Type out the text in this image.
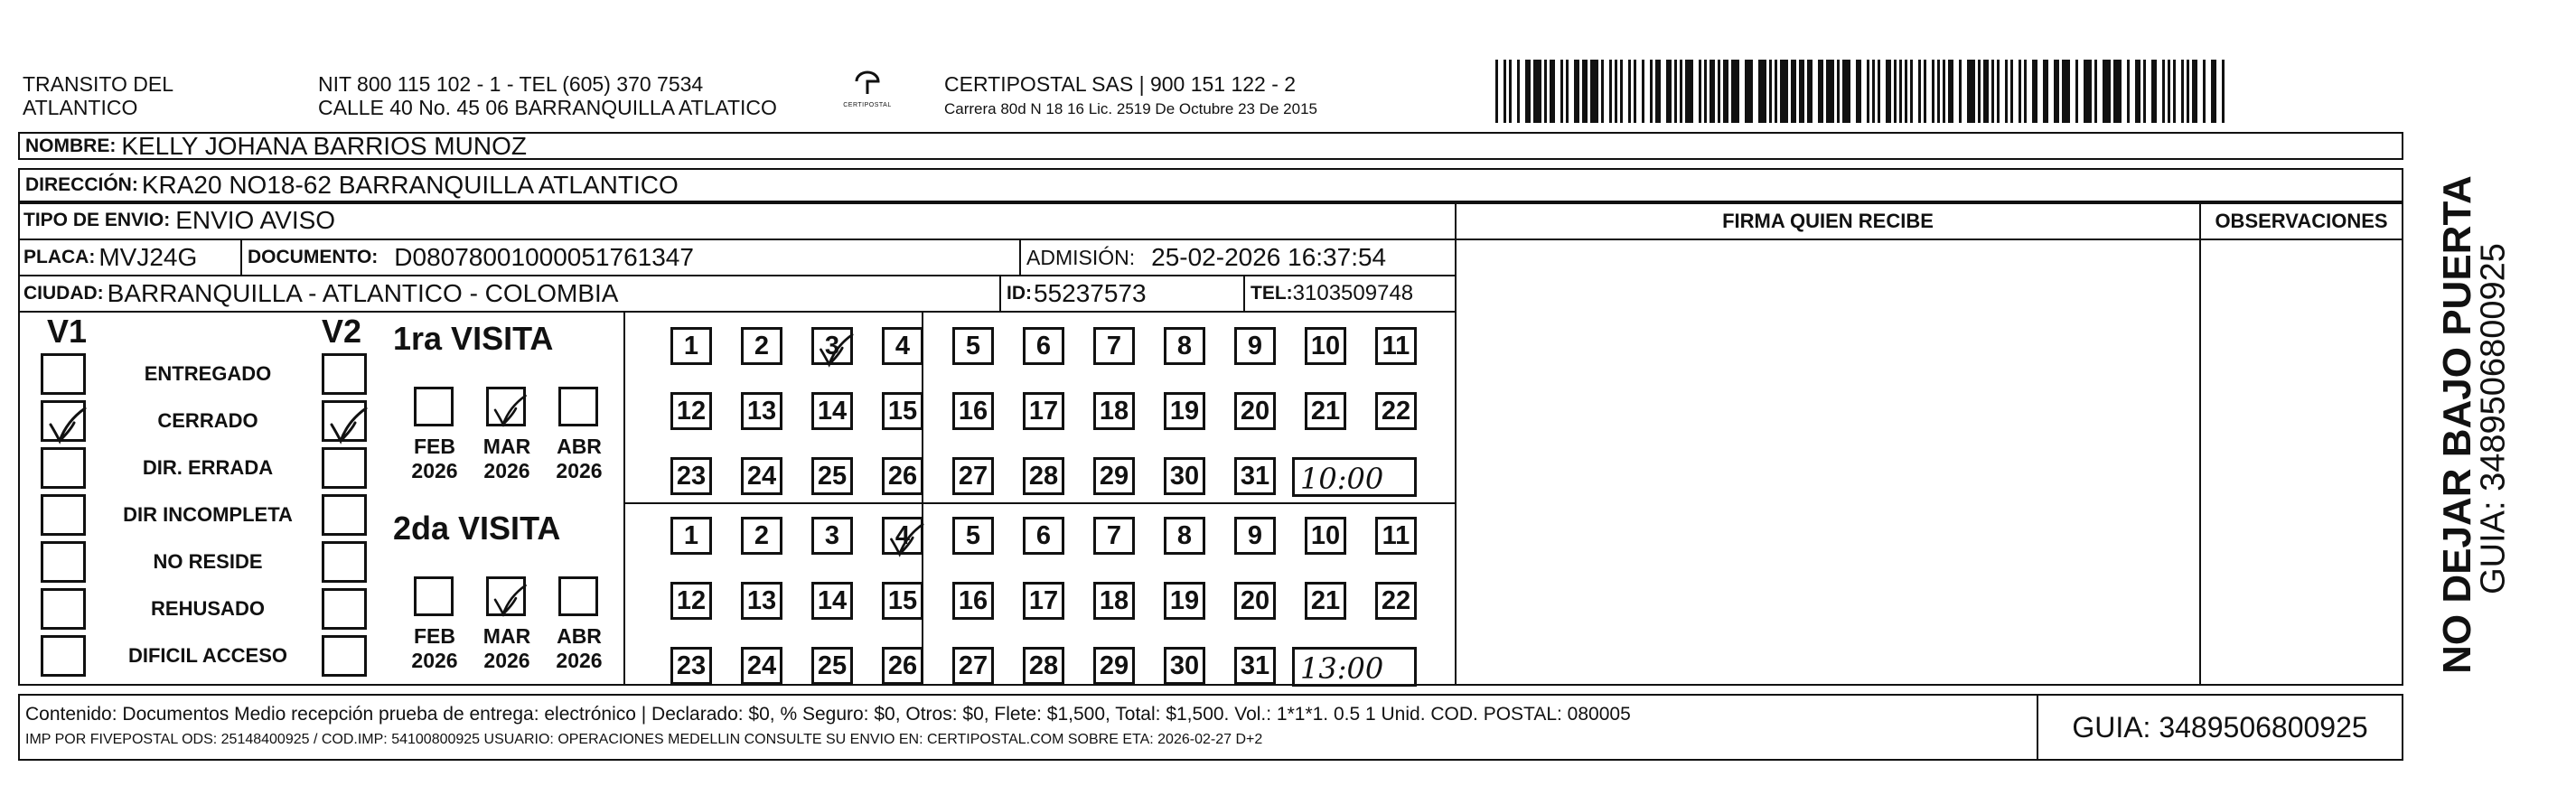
TRANSITO DEL
ATLANTICO
NIT 800 115 102 - 1 - TEL (605) 370 7534
CALLE 40 No. 45 06 BARRANQUILLA ATLATICO	CERTIPOSTAL
CERTIPOSTAL SAS | 900 151 122 - 2
Carrera 80d N 18 16 Lic. 2519 De Octubre 23 De 2015
NOMBRE: KELLY JOHANA BARRIOS MUNOZ
DIRECCIÓN: KRA20 NO18-62 BARRANQUILLA ATLANTICO
TIPO DE ENVIO: ENVIO AVISO
PLACA: MVJ24G	DOCUMENTO: D08078001000051761347	ADMISIÓN: 25-02-2026 16:37:54
CIUDAD: BARRANQUILLA - ATLANTICO - COLOMBIA	ID: 55237573	TEL: 3103509748
FIRMA QUIEN RECIBE	OBSERVACIONES
V1	V2
ENTREGADO
CERRADO
DIR. ERRADA
DIR INCOMPLETA
NO RESIDE
REHUSADO
DIFICIL ACCESO
1ra VISITA
FEB
2026
MAR
2026
ABR
2026
1	2	3	4	5	6	7	8	9	10 11
12 13 14 15 16 17 18 19 20 21 22
23 24 25 26 27 28 29 30 31 10:00
2da VISITA
FEB
2026
MAR
2026
ABR
2026
1	2	3	4	5	6	7	8	9	10 11
12 13 14 15 16 17 18 19 20 21 22
23 24 25 26 27 28 29 30 31 13:00
Contenido: Documentos Medio recepción prueba de entrega: electrónico | Declarado: $0, % Seguro: $0, Otros: $0, Flete: $1,500, Total: $1,500. Vol.: 1*1*1. 0.5 1 Unid. COD. POSTAL: 080005
IMP POR FIVEPOSTAL ODS: 25148400925 / COD.IMP: 54100800925 USUARIO: OPERACIONES MEDELLIN CONSULTE SU ENVIO EN: CERTIPOSTAL.COM SOBRE ETA: 2026-02-27 D+2	GUIA: 3489506800925
NO DEJAR BAJO PUERTA
GUIA: 3489506800925
